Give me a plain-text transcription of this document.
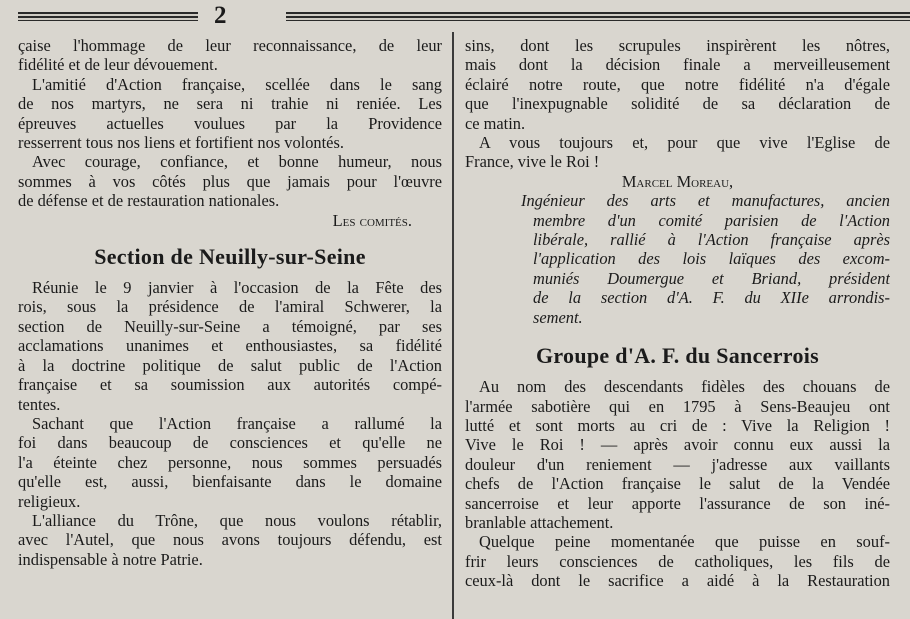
2

çaise l'hommage de leur reconnaissance, de leur

fidélité et de leur dévouement.

L'amitié d'Action française, scellée dans le sang

de nos martyrs, ne sera ni trahie ni reniée. Les

épreuves actuelles voulues par la Providence

resserrent tous nos liens et fortifient nos volontés.

Avec courage, confiance, et bonne humeur, nous

sommes à vos côtés plus que jamais pour l'œuvre

de défense et de restauration nationales.

Les comités.

Section de Neuilly-sur-Seine

Réunie le 9 janvier à l'occasion de la Fête des

rois, sous la présidence de l'amiral Schwerer, la

section de Neuilly-sur-Seine a témoigné, par ses

acclamations unanimes et enthousiastes, sa fidélité

à la doctrine politique de salut public de l'Action

française et sa soumission aux autorités compé-

tentes.

Sachant que l'Action française a rallumé la

foi dans beaucoup de consciences et qu'elle ne

l'a éteinte chez personne, nous sommes persuadés

qu'elle est, aussi, bienfaisante dans le domaine

religieux.

L'alliance du Trône, que nous voulons rétablir,

avec l'Autel, que nous avons toujours défendu, est

indispensable à notre Patrie.

sins, dont les scrupules inspirèrent les nôtres,

mais dont la décision finale a merveilleusement

éclairé notre route, que notre fidélité n'a d'égale

que l'inexpugnable solidité de sa déclaration de

ce matin.

A vous toujours et, pour que vive l'Eglise de

France, vive le Roi !

Marcel Moreau,

Ingénieur des arts et manufactures, ancien

membre d'un comité parisien de l'Action

libérale, rallié à l'Action française après

l'application des lois laïques des excom-

muniés Doumergue et Briand, président

de la section d'A. F. du XIIe arrondis-

sement.

Groupe d'A. F. du Sancerrois

Au nom des descendants fidèles des chouans de

l'armée sabotière qui en 1795 à Sens-Beaujeu ont

lutté et sont morts au cri de : Vive la Religion !

Vive le Roi ! — après avoir connu eux aussi la

douleur d'un reniement — j'adresse aux vaillants

chefs de l'Action française le salut de la Vendée

sancerroise et leur apporte l'assurance de son iné-

branlable attachement.

Quelque peine momentanée que puisse en souf-

frir leurs consciences de catholiques, les fils de

ceux-là dont le sacrifice a aidé à la Restauration
